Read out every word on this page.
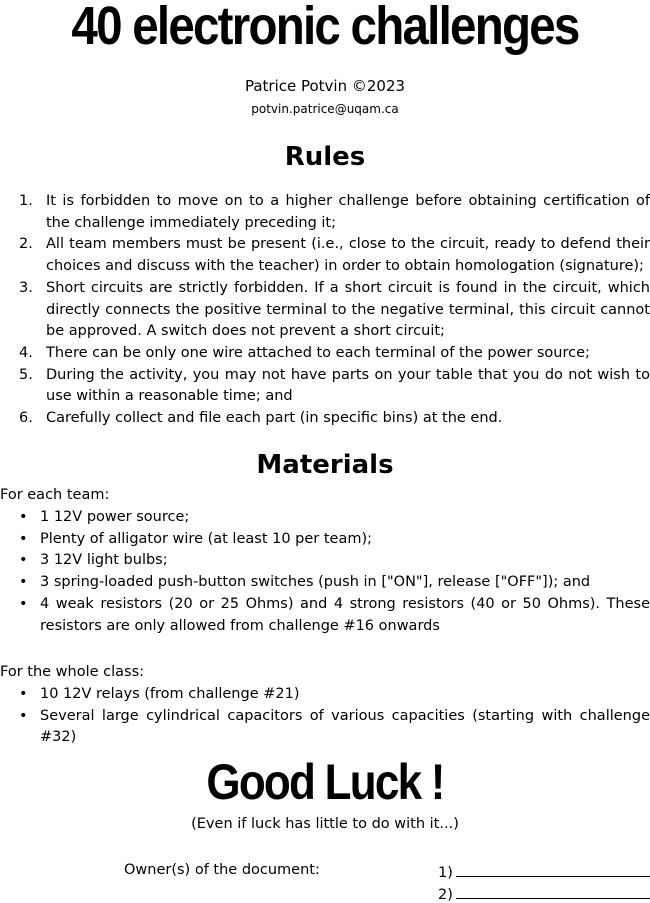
40 electronic challenges
Patrice Potvin ©2023
potvin.patrice@uqam.ca
Rules
1. It is forbidden to move on to a higher challenge before obtaining certification of the challenge immediately preceding it;
2. All team members must be present (i.e., close to the circuit, ready to defend their choices and discuss with the teacher) in order to obtain homologation (signature);
3. Short circuits are strictly forbidden. If a short circuit is found in the circuit, which directly connects the positive terminal to the negative terminal, this circuit cannot be approved. A switch does not prevent a short circuit;
4. There can be only one wire attached to each terminal of the power source;
5. During the activity, you may not have parts on your table that you do not wish to use within a reasonable time; and
6. Carefully collect and file each part (in specific bins) at the end.
Materials
For each team:
• 1 12V power source;
• Plenty of alligator wire (at least 10 per team);
• 3 12V light bulbs;
• 3 spring-loaded push-button switches (push in ["ON"], release ["OFF"]); and
• 4 weak resistors (20 or 25 Ohms) and 4 strong resistors (40 or 50 Ohms). These resistors are only allowed from challenge #16 onwards
For the whole class:
• 10 12V relays (from challenge #21)
• Several large cylindrical capacitors of various capacities (starting with challenge #32)
Good Luck !
(Even if luck has little to do with it...)
Owner(s) of the document:	1)
2)
